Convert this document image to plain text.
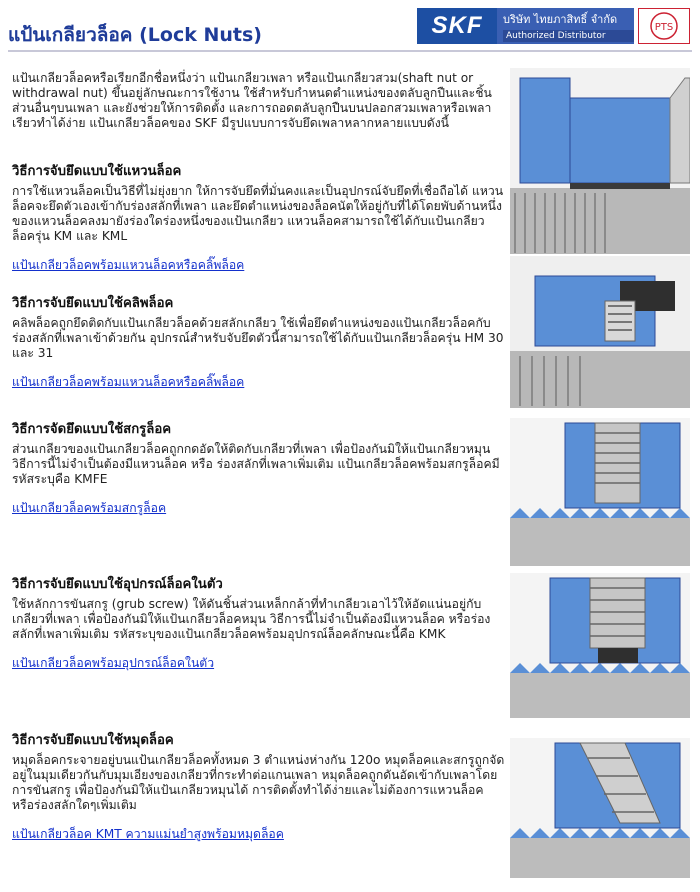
แป้นเกลียวล็อค (Lock Nuts)	SKF	บริษัท ไทยภาสิทธิ์ จำกัด
Authorized Distributor
PTS

แป้นเกลียวล็อคหรือเรียกอีกชื่อหนึ่งว่า แป้นเกลียวเพลา หรือแป้นเกลียวสวม(shaft nut or withdrawal nut) ขึ้นอยู่ลักษณะการใช้งาน ใช้สำหรับกำหนดตำแหน่งของตลับลูกปืนและชิ้นส่วนอื่นๆบนเพลา และยังช่วยให้การติดตั้ง และการถอดตลับลูกปืนบนปลอกสวมเพลาหรือเพลาเรียวทำได้ง่าย แป้นเกลียวล็อคของ SKF มีรูปแบบการจับยึดเพลาหลากหลายแบบดังนี้

วิธีการจับยึดแบบใช้แหวนล็อค

การใช้แหวนล็อคเป็นวิธีที่ไม่ยุ่งยาก ให้การจับยึดที่มั่นคงและเป็นอุปกรณ์จับยึดที่เชื่อถือได้ แหวนล็อคจะยึดตัวเองเข้ากับร่องสลักที่เพลา และยึดตำแหน่งของล็อคนัตให้อยู่กับที่ได้โดยพับด้านหนึ่งของแหวนล็อคลงมายังร่องใดร่องหนึ่งของแป้นเกลียว แหวนล็อคสามารถใช้ได้กับแป้นเกลียวล็อครุ่น KM และ KML

แป้นเกลียวล็อคพร้อมแหวนล็อคหรือคลิ๊พล็อค
วิธีการจับยึดแบบใช้คลิพล็อค

คลิพล็อคถูกยึดติดกับแป้นเกลียวล็อคด้วยสลักเกลียว ใช้เพื่อยึดตำแหน่งของแป้นเกลียวล็อคกับร่องสลักที่เพลาเข้าด้วยกัน อุปกรณ์สำหรับจับยึดตัวนี้สามารถใช้ได้กับแป้นเกลียวล็อครุ่น HM 30 และ 31

แป้นเกลียวล็อคพร้อมแหวนล็อคหรือคลิ๊พล็อค
วิธีการจัดยึดแบบใช้สกรูล็อค

ส่วนเกลียวของแป้นเกลียวล็อคถูกกดอัดให้ติดกับเกลียวที่เพลา เพื่อป้องกันมิให้แป้นเกลียวหมุน วิธีการนี้ไม่จำเป็นต้องมีแหวนล็อค หรือ ร่องสลักที่เพลาเพิ่มเติม แป้นเกลียวล็อคพร้อมสกรูล็อคมีรหัสระบุคือ KMFE

แป้นเกลียวล็อคพร้อมสกรูล็อค
วิธีการจับยึดแบบใช้อุปกรณ์ล็อคในตัว

ใช้หลักการขันสกรู (grub screw) ให้ดันชิ้นส่วนเหล็กกล้าที่ทำเกลียวเอาไว้ให้อัดแน่นอยู่กับเกลียวที่เพลา เพื่อป้องกันมิให้แป้นเกลียวล็อคหมุน วิธีการนี้ไม่จำเป็นต้องมีแหวนล็อค หรือร่องสลักที่เพลาเพิ่มเติม รหัสระบุของแป้นเกลียวล็อคพร้อมอุปกรณ์ล็อคลักษณะนี้คือ KMK

แป้นเกลียวล็อคพร้อมอุปกรณ์ล็อคในตัว
วิธีการจับยึดแบบใช้หมุดล็อค

หมุดล็อคกระจายอยู่บนแป้นเกลียวล็อคทั้งหมด 3 ตำแหน่งห่างกัน 120o หมุดล็อคและสกรูถูกจัดอยู่ในมุมเดียวกันกับมุมเอียงของเกลียวที่กระทำต่อแกนเพลา หมุดล็อคถูกดันอัดเข้ากับเพลาโดยการขันสกรู เพื่อป้องกันมิให้แป้นเกลียวหมุนได้ การติดตั้งทำได้ง่ายและไม่ต้องการแหวนล็อค หรือร่องสลักใดๆเพิ่มเติม

แป้นเกลียวล็อค KMT ความแม่นยำสูงพร้อมหมุดล็อค
